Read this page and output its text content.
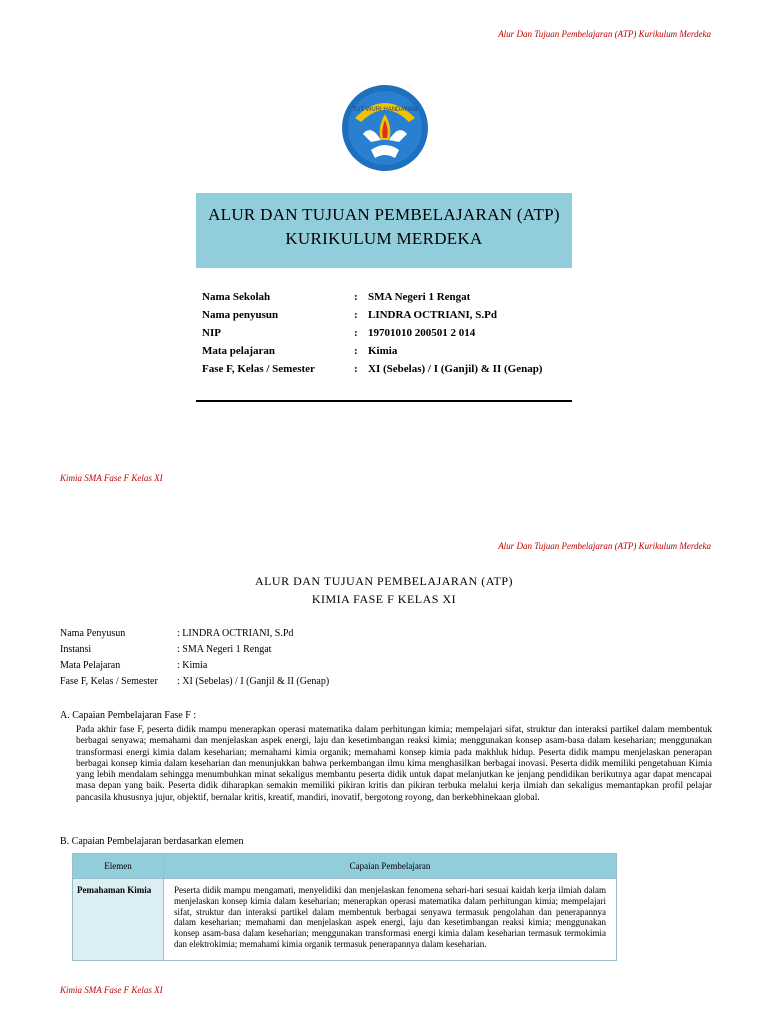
Alur Dan Tujuan Pembelajaran (ATP) Kurikulum Merdeka
TUT WURI HANDAYANI
ALUR DAN TUJUAN PEMBELAJARAN (ATP)
KURIKULUM MERDEKA
Nama Sekolah	:	SMA Negeri 1 Rengat
Nama penyusun	:	LINDRA OCTRIANI, S.Pd
NIP	:	19701010 200501 2 014
Mata pelajaran	:	Kimia
Fase F, Kelas / Semester	:	XI (Sebelas) / I (Ganjil) & II (Genap)
Kimia SMA Fase F Kelas XI
Alur Dan Tujuan Pembelajaran (ATP) Kurikulum Merdeka
ALUR DAN TUJUAN PEMBELAJARAN (ATP)
KIMIA FASE F KELAS XI
Nama Penyusun	: LINDRA OCTRIANI, S.Pd
Instansi	: SMA Negeri 1 Rengat
Mata Pelajaran	: Kimia
Fase F, Kelas / Semester	: XI (Sebelas) / I (Ganjil & II (Genap)
A. Capaian Pembelajaran Fase F :
Pada akhir fase F, peserta didik mampu menerapkan operasi matematika dalam perhitungan kimia; mempelajari sifat, struktur dan interaksi partikel dalam membentuk berbagai senyawa; memahami dan menjelaskan aspek energi, laju dan kesetimbangan reaksi kimia; menggunakan konsep asam-basa dalam keseharian; menggunakan transformasi energi kimia dalam keseharian; memahami kimia organik; memahami konsep kimia pada makhluk hidup. Peserta didik mampu menjelaskan penerapan berbagai konsep kimia dalam keseharian dan menunjukkan bahwa perkembangan ilmu kima menghasilkan berbagai inovasi. Peserta didik memiliki pengetahuan Kimia yang lebih mendalam sehingga menumbuhkan minat sekaligus membantu peserta didik untuk dapat melanjutkan ke jenjang pendidikan berikutnya agar dapat mencapai masa depan yang baik. Peserta didik diharapkan semakin memiliki pikiran kritis dan pikiran terbuka melalui kerja ilmiah dan sekaligus memantapkan profil pelajar pancasila khususnya jujur, objektif, bernalar kritis, kreatif, mandiri, inovatif, bergotong royong, dan berkebhinekaan global.
B. Capaian Pembelajaran berdasarkan elemen
Elemen	Capaian Pembelajaran
Pemahaman Kimia	Peserta didik mampu mengamati, menyelidiki dan menjelaskan fenomena sehari-hari sesuai kaidah kerja ilmiah dalam menjelaskan konsep kimia dalam keseharian; menerapkan operasi matematika dalam perhitungan kimia; mempelajari sifat, struktur dan interaksi partikel dalam membentuk berbagai senyawa termasuk pengolahan dan penerapannya dalam keseharian; memahami dan menjelaskan aspek energi, laju dan kesetimbangan reaksi kimia; menggunakan konsep asam-basa dalam keseharian; menggunakan transformasi energi kimia dalam keseharian termasuk termokimia dan elektrokimia; memahami kimia organik termasuk penerapannya dalam keseharian.
Kimia SMA Fase F Kelas XI
